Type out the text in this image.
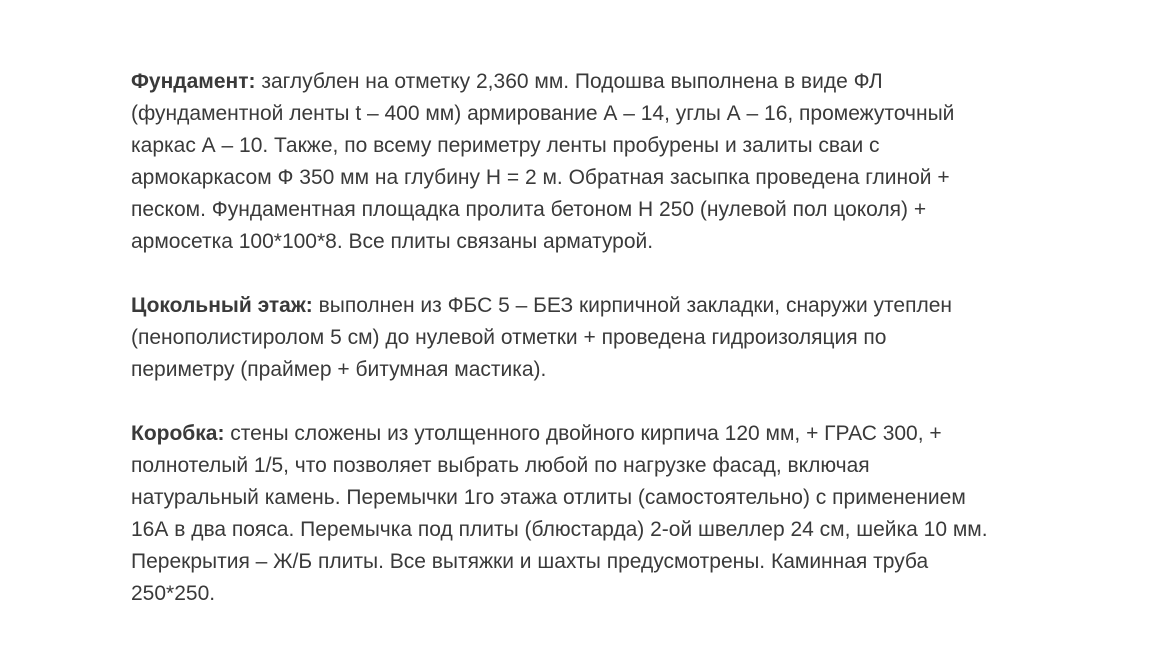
Фундамент: заглублен на отметку 2,360 мм. Подошва выполнена в виде ФЛ
(фундаментной ленты t – 400 мм) армирование А – 14, углы А – 16, промежуточный
каркас А – 10. Также, по всему периметру ленты пробурены и залиты сваи с
армокаркасом Ф 350 мм на глубину Н = 2 м. Обратная засыпка проведена глиной +
песком. Фундаментная площадка пролита бетоном Н 250 (нулевой пол цоколя) +
армосетка 100*100*8. Все плиты связаны арматурой.

Цокольный этаж: выполнен из ФБС 5 – БЕЗ кирпичной закладки, снаружи утеплен
(пенополистиролом 5 см) до нулевой отметки + проведена гидроизоляция по
периметру (праймер + битумная мастика).

Коробка: стены сложены из утолщенного двойного кирпича 120 мм, + ГРАС 300, +
полнотелый 1/5, что позволяет выбрать любой по нагрузке фасад, включая
натуральный камень. Перемычки 1го этажа отлиты (самостоятельно) с применением
16А в два пояса. Перемычка под плиты (блюстарда) 2-ой швеллер 24 см, шейка 10 мм.
Перекрытия – Ж/Б плиты. Все вытяжки и шахты предусмотрены. Каминная труба
250*250.
